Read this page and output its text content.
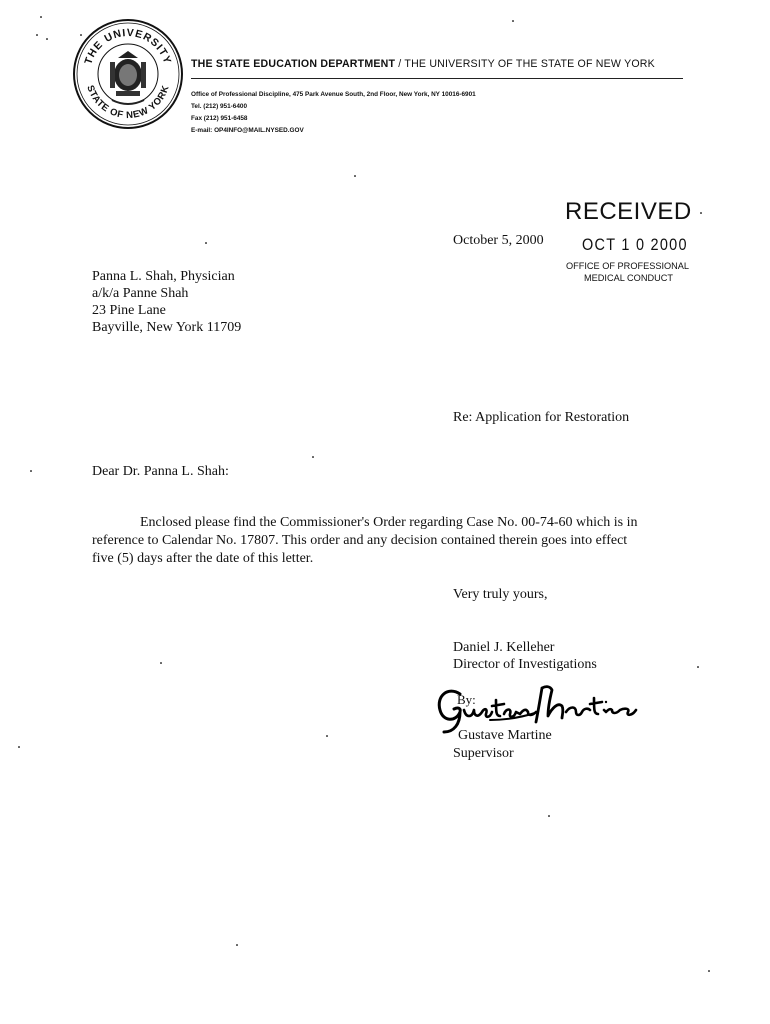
THE UNIVERSITY
STATE OF NEW YORK
THE STATE EDUCATION DEPARTMENT / THE UNIVERSITY OF THE STATE OF NEW YORK
Office of Professional Discipline, 475 Park Avenue South, 2nd Floor, New York, NY 10016-6901
Tel. (212) 951-6400
Fax (212) 951-6458
E-mail: OP4INFO@MAIL.NYSED.GOV
RECEIVED
OCT 1 0 2000
OFFICE OF PROFESSIONAL
MEDICAL CONDUCT
October 5, 2000
Panna L. Shah, Physician
a/k/a Panne Shah
23 Pine Lane
Bayville, New York 11709
Re: Application for Restoration
Dear Dr. Panna L. Shah:
Enclosed please find the Commissioner's Order regarding Case No. 00-74-60 which is in
reference to Calendar No. 17807. This order and any decision contained therein goes into effect
five (5) days after the date of this letter.
Very truly yours,
Daniel J. Kelleher
Director of Investigations
By:
Gustave Martine
Supervisor
